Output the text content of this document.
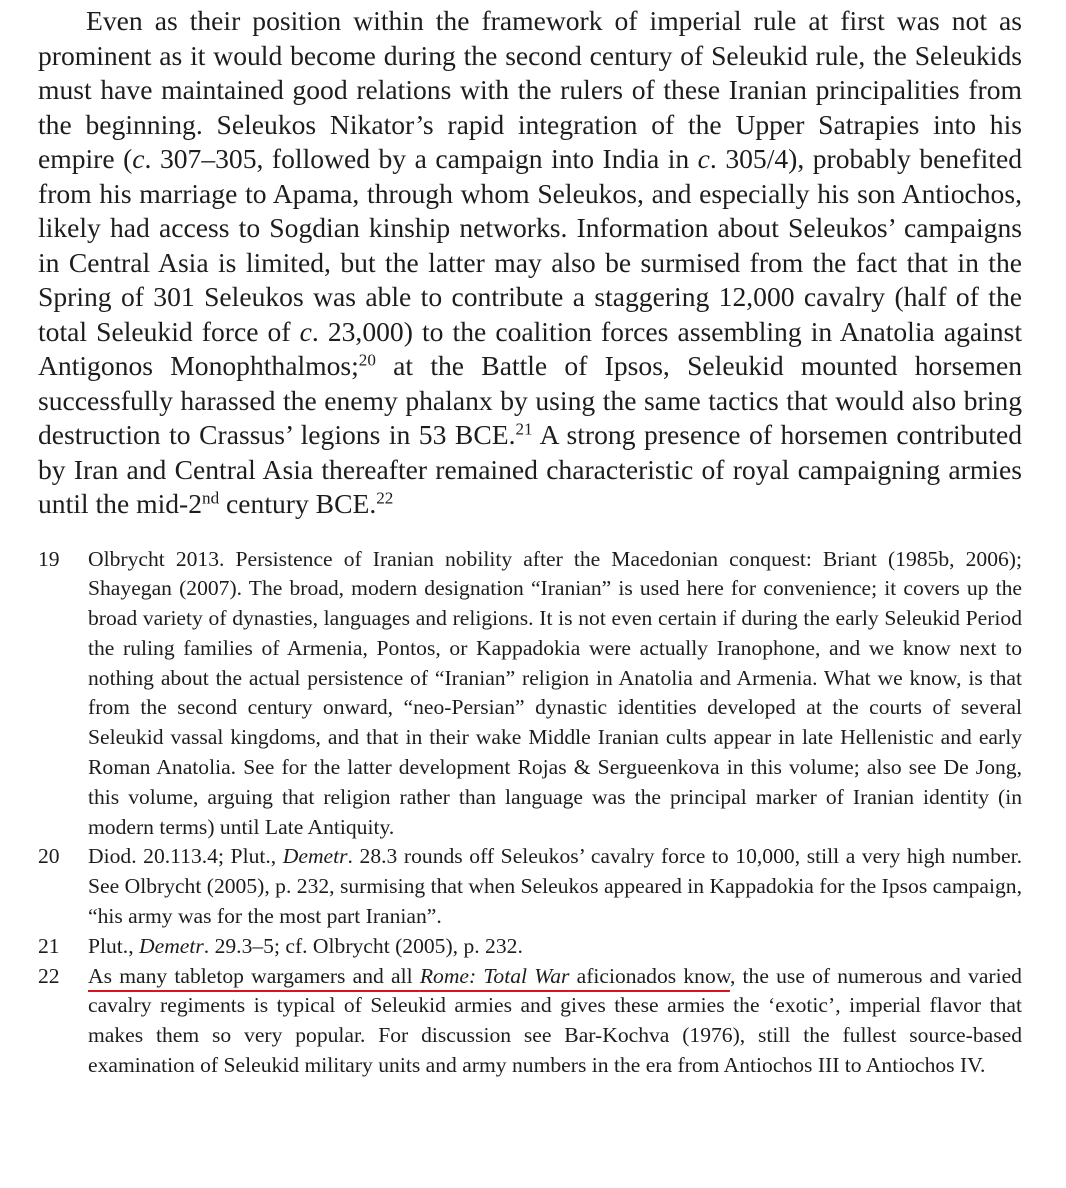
Even as their position within the framework of imperial rule at first was not as prominent as it would become during the second century of Seleukid rule, the Seleukids must have maintained good relations with the rulers of these Iranian principalities from the beginning. Seleukos Nikator’s rapid integration of the Upper Satrapies into his empire (c. 307–305, followed by a campaign into India in c. 305/4), probably benefited from his marriage to Apama, through whom Seleukos, and especially his son Antiochos, likely had access to Sogdian kinship networks. Information about Seleukos’ campaigns in Central Asia is limited, but the latter may also be surmised from the fact that in the Spring of 301 Seleukos was able to contribute a staggering 12,000 cavalry (half of the total Seleukid force of c. 23,000) to the coalition forces assembling in Anatolia against Antigonos Monophthalmos;$^{20}$ at the Battle of Ipsos, Seleukid mounted horsemen successfully harassed the enemy phalanx by using the same tactics that would also bring destruction to Crassus’ legions in 53 BCE.$^{21}$ A strong presence of horsemen contributed by Iran and Central Asia thereafter remained characteristic of royal campaigning armies until the mid-2nd century BCE.$^{22}$

19	Olbrycht 2013. Persistence of Iranian nobility after the Macedonian conquest: Briant (1985b, 2006); Shayegan (2007). The broad, modern designation “Iranian” is used here for convenience; it covers up the broad variety of dynasties, languages and religions. It is not even certain if during the early Seleukid Period the ruling families of Armenia, Pontos, or Kappadokia were actually Iranophone, and we know next to nothing about the actual persistence of “Iranian” religion in Anatolia and Armenia. What we know, is that from the second century onward, “neo-Persian” dynastic identities developed at the courts of several Seleukid vassal kingdoms, and that in their wake Middle Iranian cults appear in late Hellenistic and early Roman Anatolia. See for the latter development Rojas & Sergueenkova in this volume; also see De Jong, this volume, arguing that religion rather than language was the principal marker of Iranian identity (in modern terms) until Late Antiquity.
20	Diod. 20.113.4; Plut., Demetr. 28.3 rounds off Seleukos’ cavalry force to 10,000, still a very high number. See Olbrycht (2005), p. 232, surmising that when Seleukos appeared in Kappadokia for the Ipsos campaign, “his army was for the most part Iranian”.
21	Plut., Demetr. 29.3–5; cf. Olbrycht (2005), p. 232.
22	As many tabletop wargamers and all Rome: Total War aficionados know, the use of numerous and varied cavalry regiments is typical of Seleukid armies and gives these armies the ‘exotic’, imperial flavor that makes them so very popular. For discussion see Bar-Kochva (1976), still the fullest source-based examination of Seleukid military units and army numbers in the era from Antiochos III to Antiochos IV.
